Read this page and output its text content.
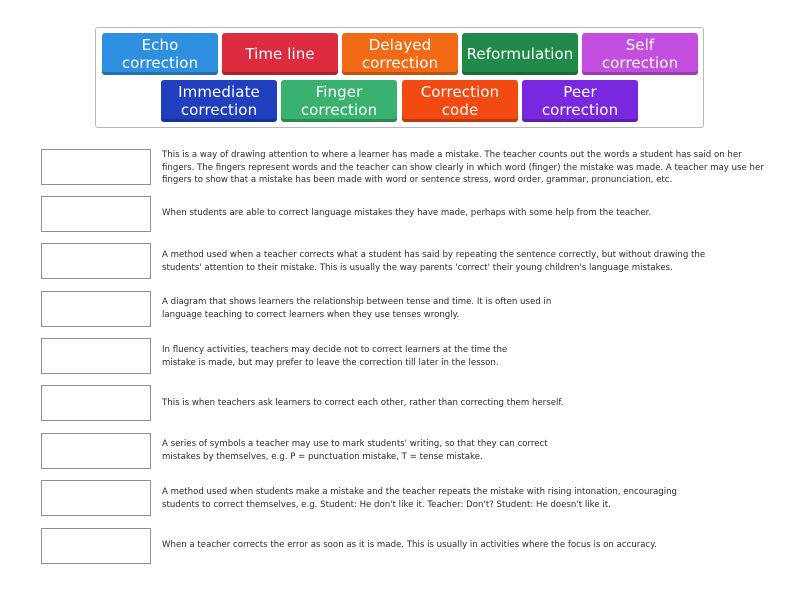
Echo correction	Time line	Delayed correction	Reformulation	Self correction
Immediate correction
Finger correction
Correction code
Peer correction
This is a way of drawing attention to where a learner has made a mistake. The teacher counts out the words a student has said on her fingers. The fingers represent words and the teacher can show clearly in which word (finger) the mistake was made. A teacher may use her fingers to show that a mistake has been made with word or sentence stress, word order, grammar, pronunciation, etc.
When students are able to correct language mistakes they have made, perhaps with some help from the teacher.
A method used when a teacher corrects what a student has said by repeating the sentence correctly, but without drawing the students' attention to their mistake. This is usually the way parents 'correct' their young children's language mistakes.
A diagram that shows learners the relationship between tense and time. It is often used in language teaching to correct learners when they use tenses wrongly.
In fluency activities, teachers may decide not to correct learners at the time the mistake is made, but may prefer to leave the correction till later in the lesson.
This is when teachers ask learners to correct each other, rather than correcting them herself.
A series of symbols a teacher may use to mark students' writing, so that they can correct mistakes by themselves, e.g. P = punctuation mistake, T = tense mistake.
A method used when students make a mistake and the teacher repeats the mistake with rising intonation, encouraging students to correct themselves, e.g. Student: He don't like it. Teacher: Don't? Student: He doesn't like it.
When a teacher corrects the error as soon as it is made. This is usually in activities where the focus is on accuracy.
